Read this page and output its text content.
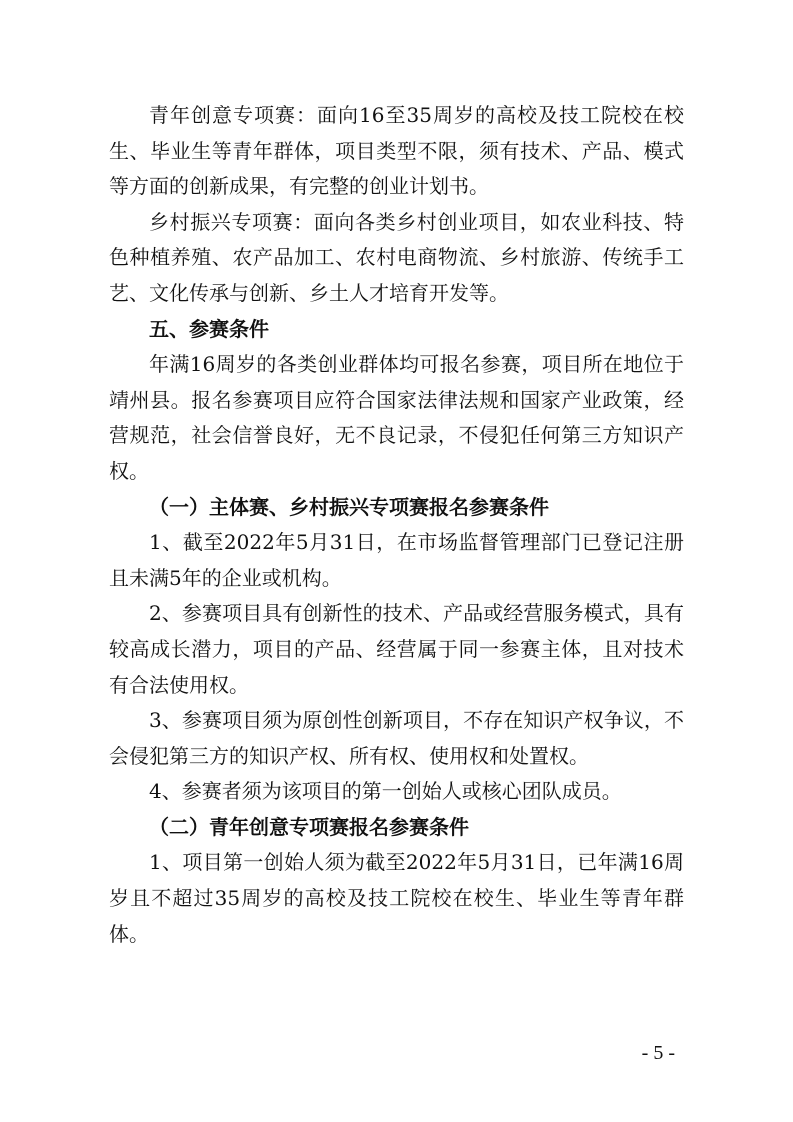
青年创意专项赛：面向16至35周岁的高校及技工院校在校生、毕业生等青年群体，项目类型不限，须有技术、产品、模式等方面的创新成果，有完整的创业计划书。

乡村振兴专项赛：面向各类乡村创业项目，如农业科技、特色种植养殖、农产品加工、农村电商物流、乡村旅游、传统手工艺、文化传承与创新、乡土人才培育开发等。

五、参赛条件

年满16周岁的各类创业群体均可报名参赛，项目所在地位于靖州县。报名参赛项目应符合国家法律法规和国家产业政策，经营规范，社会信誉良好，无不良记录，不侵犯任何第三方知识产权。

（一）主体赛、乡村振兴专项赛报名参赛条件

1、截至2022年5月31日，在市场监督管理部门已登记注册且未满5年的企业或机构。

2、参赛项目具有创新性的技术、产品或经营服务模式，具有较高成长潜力，项目的产品、经营属于同一参赛主体，且对技术有合法使用权。

3、参赛项目须为原创性创新项目，不存在知识产权争议，不会侵犯第三方的知识产权、所有权、使用权和处置权。

4、参赛者须为该项目的第一创始人或核心团队成员。

（二）青年创意专项赛报名参赛条件

1、项目第一创始人须为截至2022年5月31日，已年满16周岁且不超过35周岁的高校及技工院校在校生、毕业生等青年群体。

- 5 -
